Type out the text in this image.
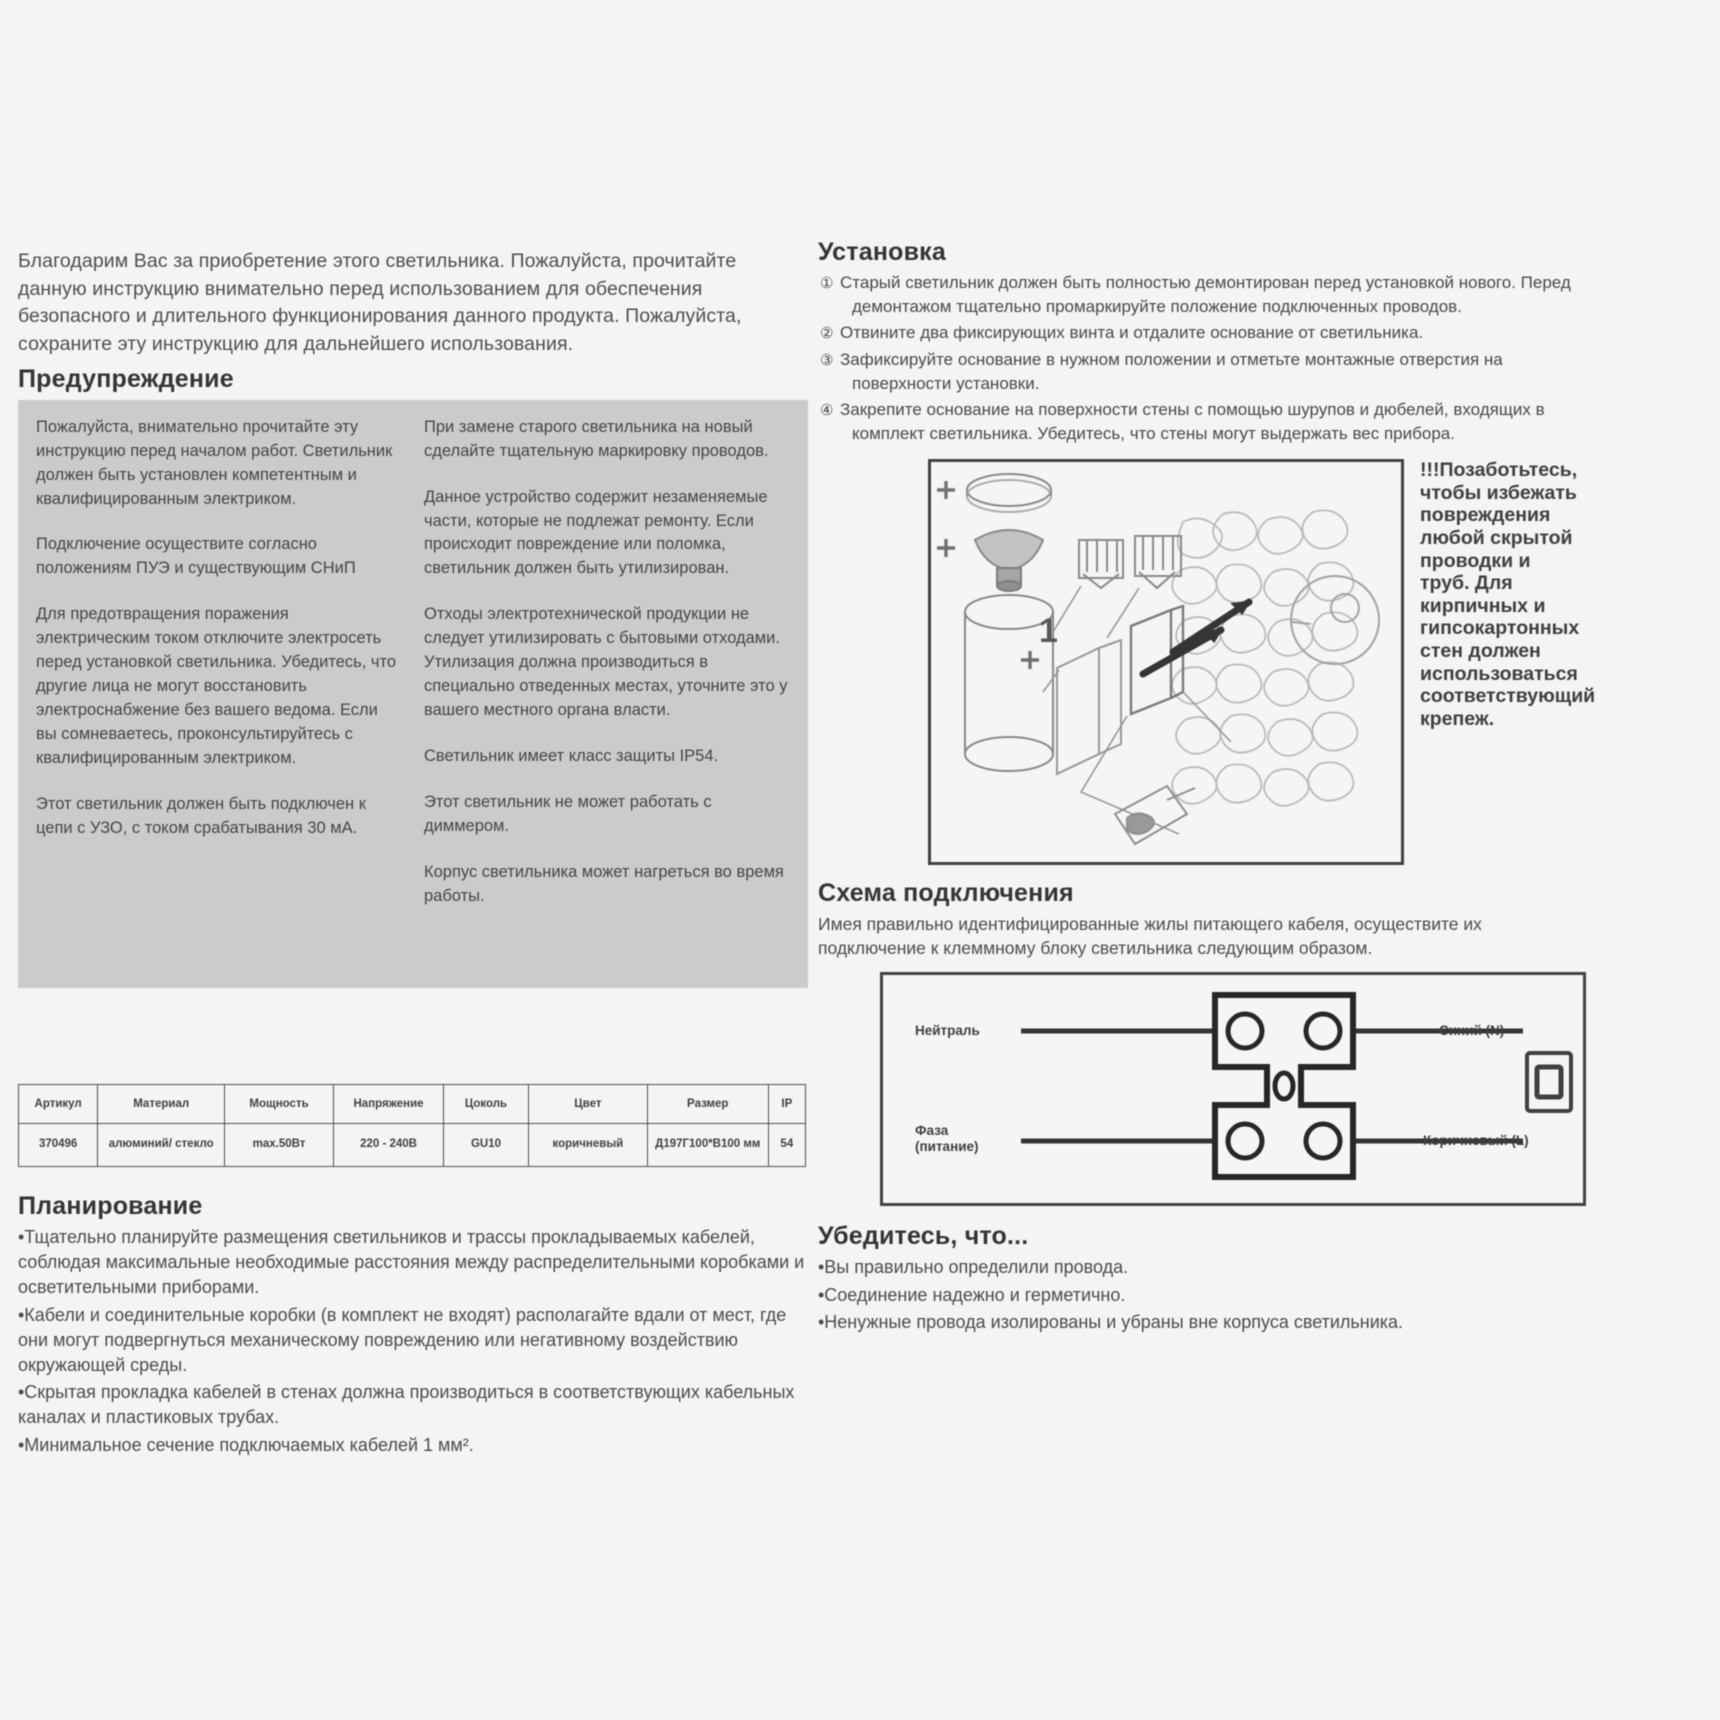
Благодарим Вас за приобретение этого светильника. Пожалуйста, прочитайте данную инструкцию внимательно перед использованием для обеспечения безопасного и длительного функционирования данного продукта. Пожалуйста, сохраните эту инструкцию для дальнейшего использования.
Предупреждение

Пожалуйста, внимательно прочитайте эту инструкцию перед началом работ. Светильник должен быть установлен компетентным и квалифицированным электриком.

Подключение осуществите согласно положениям ПУЭ и существующим СНиП

Для предотвращения поражения электрическим током отключите электросеть перед установкой светильника. Убедитесь, что другие лица не могут восстановить электроснабжение без вашего ведома. Если вы сомневаетесь, проконсультируйтесь с квалифицированным электриком.

Этот светильник должен быть подключен к цепи с УЗО, с током срабатывания 30 мА.

При замене старого светильника на новый сделайте тщательную маркировку проводов.

Данное устройство содержит незаменяемые части, которые не подлежат ремонту. Если происходит повреждение или поломка, светильник должен быть утилизирован.

Отходы электротехнической продукции не следует утилизировать с бытовыми отходами. Утилизация должна производиться в специально отведенных местах, уточните это у вашего местного органа власти.

Светильник имеет класс защиты IP54.

Этот светильник не может работать с диммером.

Корпус светильника может нагреться во время работы.

Артикул	Материал	Мощность	Напряжение	Цоколь	Цвет	Размер	IP
370496	алюминий/ стекло	max.50Вт	220 - 240В	GU10	коричневый	Д197Г100*В100 мм	54
Планирование

•Тщательно планируйте размещения светильников и трассы прокладываемых кабелей, соблюдая максимальные необходимые расстояния между распределительными коробками и осветительными приборами.

•Кабели и соединительные коробки (в комплект не входят) располагайте вдали от мест, где они могут подвергнуться механическому повреждению или негативному воздействию окружающей среды.

•Скрытая прокладка кабелей в стенах должна производиться в соответствующих кабельных каналах и пластиковых трубах.

•Минимальное сечение подключаемых кабелей 1 мм².

Установка

① Старый светильник должен быть полностью демонтирован перед установкой нового. Перед демонтажом тщательно промаркируйте положение подключенных проводов.

② Отвините два фиксирующих винта и отдалите основание от светильника.

③ Зафиксируйте основание в нужном положении и отметьте монтажные отверстия на поверхности установки.

④ Закрепите основание на поверхности стены с помощью шурупов и дюбелей, входящих в комплект светильника. Убедитесь, что стены могут выдержать вес прибора.

1
!!!Позаботьтесь, чтобы избежать повреждения любой скрытой проводки и труб. Для кирпичных и гипсокартонных стен должен использоваться соответствующий крепеж.
Схема подключения
Имея правильно идентифицированные жилы питающего кабеля, осуществите их подключение к клеммному блоку светильника следующим образом.
Нейтраль
Фаза
(питание)
Синий (N)
Коричневый (L)
Убедитесь, что...

•Вы правильно определили провода.

•Соединение надежно и герметично.

•Ненужные провода изолированы и убраны вне корпуса светильника.
